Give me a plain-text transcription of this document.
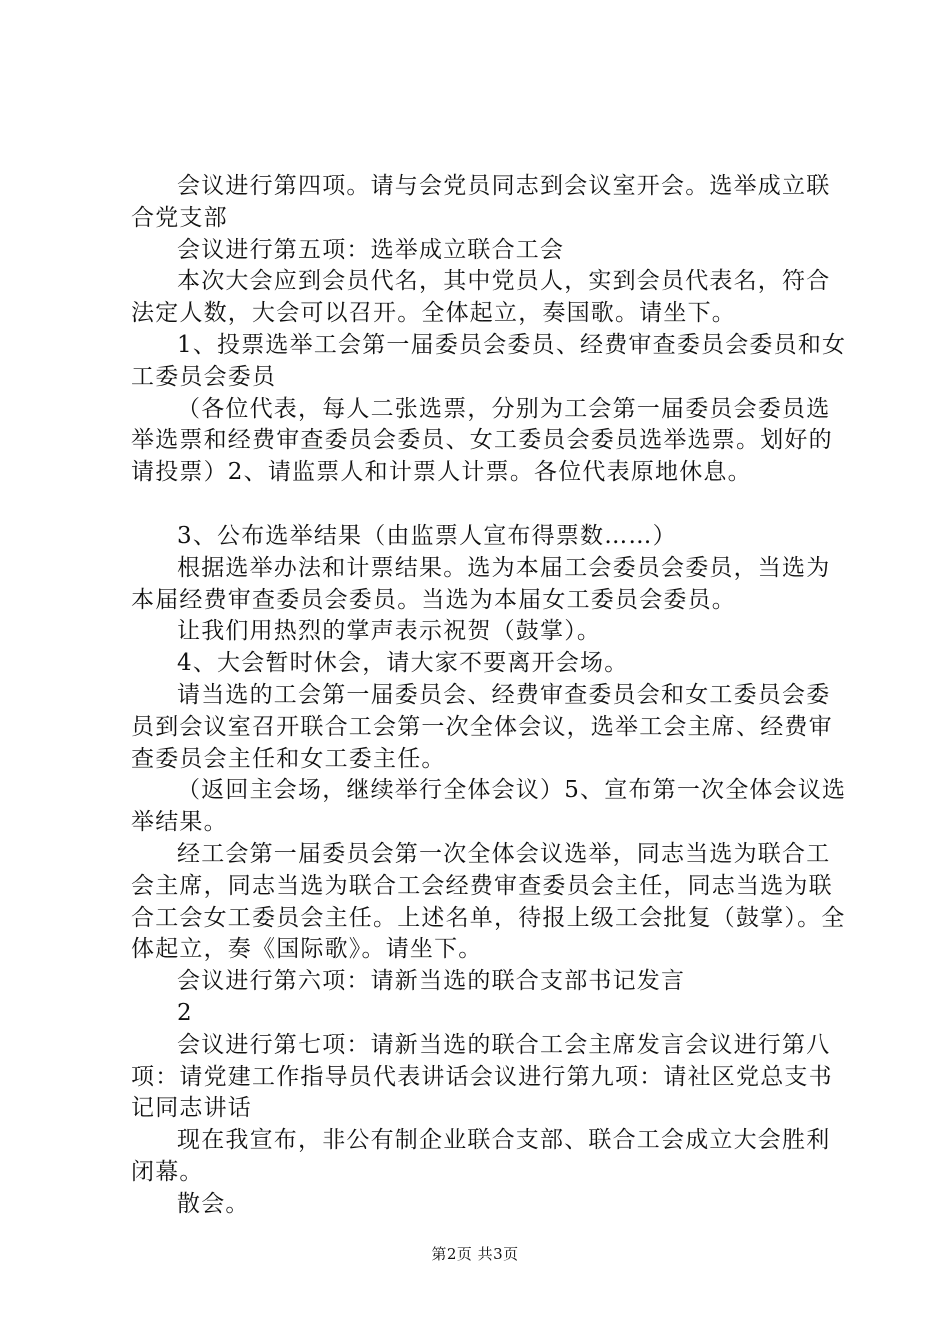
会议进行第四项。请与会党员同志到会议室开会。选举成立联合党支部

会议进行第五项：选举成立联合工会

本次大会应到会员代名，其中党员人，实到会员代表名，符合法定人数，大会可以召开。全体起立，奏国歌。请坐下。

1、投票选举工会第一届委员会委员、经费审查委员会委员和女工委员会委员

（各位代表，每人二张选票，分别为工会第一届委员会委员选举选票和经费审查委员会委员、女工委员会委员选举选票。划好的请投票）2、请监票人和计票人计票。各位代表原地休息。

3、公布选举结果（由监票人宣布得票数……）

根据选举办法和计票结果。选为本届工会委员会委员，当选为本届经费审查委员会委员。当选为本届女工委员会委员。

让我们用热烈的掌声表示祝贺（鼓掌）。

4、大会暂时休会，请大家不要离开会场。

请当选的工会第一届委员会、经费审查委员会和女工委员会委员到会议室召开联合工会第一次全体会议，选举工会主席、经费审查委员会主任和女工委主任。

（返回主会场，继续举行全体会议）5、宣布第一次全体会议选举结果。

经工会第一届委员会第一次全体会议选举，同志当选为联合工会主席，同志当选为联合工会经费审查委员会主任，同志当选为联合工会女工委员会主任。上述名单，待报上级工会批复（鼓掌）。全体起立，奏《国际歌》。请坐下。

会议进行第六项：请新当选的联合支部书记发言

2

会议进行第七项：请新当选的联合工会主席发言会议进行第八项：请党建工作指导员代表讲话会议进行第九项：请社区党总支书记同志讲话

现在我宣布，非公有制企业联合支部、联合工会成立大会胜利闭幕。

散会。

第2页 共3页
